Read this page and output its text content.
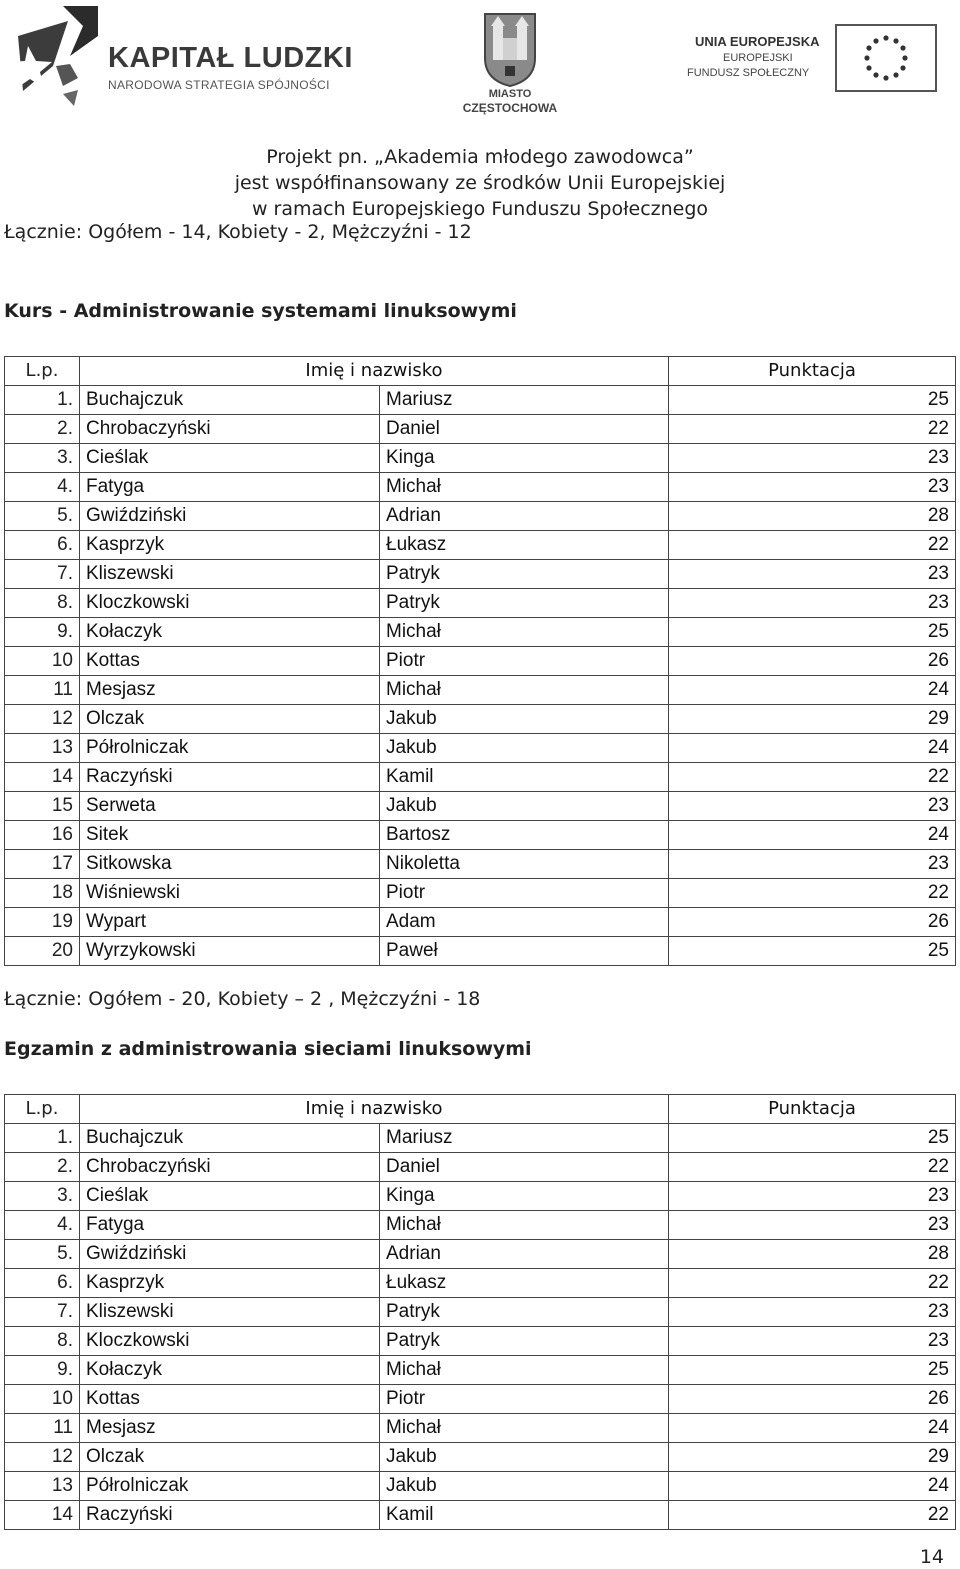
KAPITAŁ LUDZKI
NARODOWA STRATEGIA SPÓJNOŚCI
MIASTO
CZĘSTOCHOWA
UNIA EUROPEJSKA
EUROPEJSKI
FUNDUSZ SPOŁECZNY
Projekt pn. „Akademia młodego zawodowca”
jest współfinansowany ze środków Unii Europejskiej
w ramach Europejskiego Funduszu Społecznego
Łącznie: Ogółem - 14, Kobiety - 2, Mężczyźni - 12
Kurs - Administrowanie systemami linuksowymi
L.p.	Imię i nazwisko		Punktacja
1.	Buchajczuk	Mariusz	25
2.	Chrobaczyński	Daniel	22
3.	Cieślak	Kinga	23
4.	Fatyga	Michał	23
5.	Gwiździński	Adrian	28
6.	Kasprzyk	Łukasz	22
7.	Kliszewski	Patryk	23
8.	Kloczkowski	Patryk	23
9.	Kołaczyk	Michał	25
10	Kottas	Piotr	26
11	Mesjasz	Michał	24
12	Olczak	Jakub	29
13	Półrolniczak	Jakub	24
14	Raczyński	Kamil	22
15	Serweta	Jakub	23
16	Sitek	Bartosz	24
17	Sitkowska	Nikoletta	23
18	Wiśniewski	Piotr	22
19	Wypart	Adam	26
20	Wyrzykowski	Paweł	25
Łącznie: Ogółem - 20, Kobiety – 2 , Mężczyźni - 18
Egzamin z administrowania sieciami linuksowymi
L.p.	Imię i nazwisko		Punktacja
1.	Buchajczuk	Mariusz	25
2.	Chrobaczyński	Daniel	22
3.	Cieślak	Kinga	23
4.	Fatyga	Michał	23
5.	Gwiździński	Adrian	28
6.	Kasprzyk	Łukasz	22
7.	Kliszewski	Patryk	23
8.	Kloczkowski	Patryk	23
9.	Kołaczyk	Michał	25
10	Kottas	Piotr	26
11	Mesjasz	Michał	24
12	Olczak	Jakub	29
13	Półrolniczak	Jakub	24
14	Raczyński	Kamil	22
14
